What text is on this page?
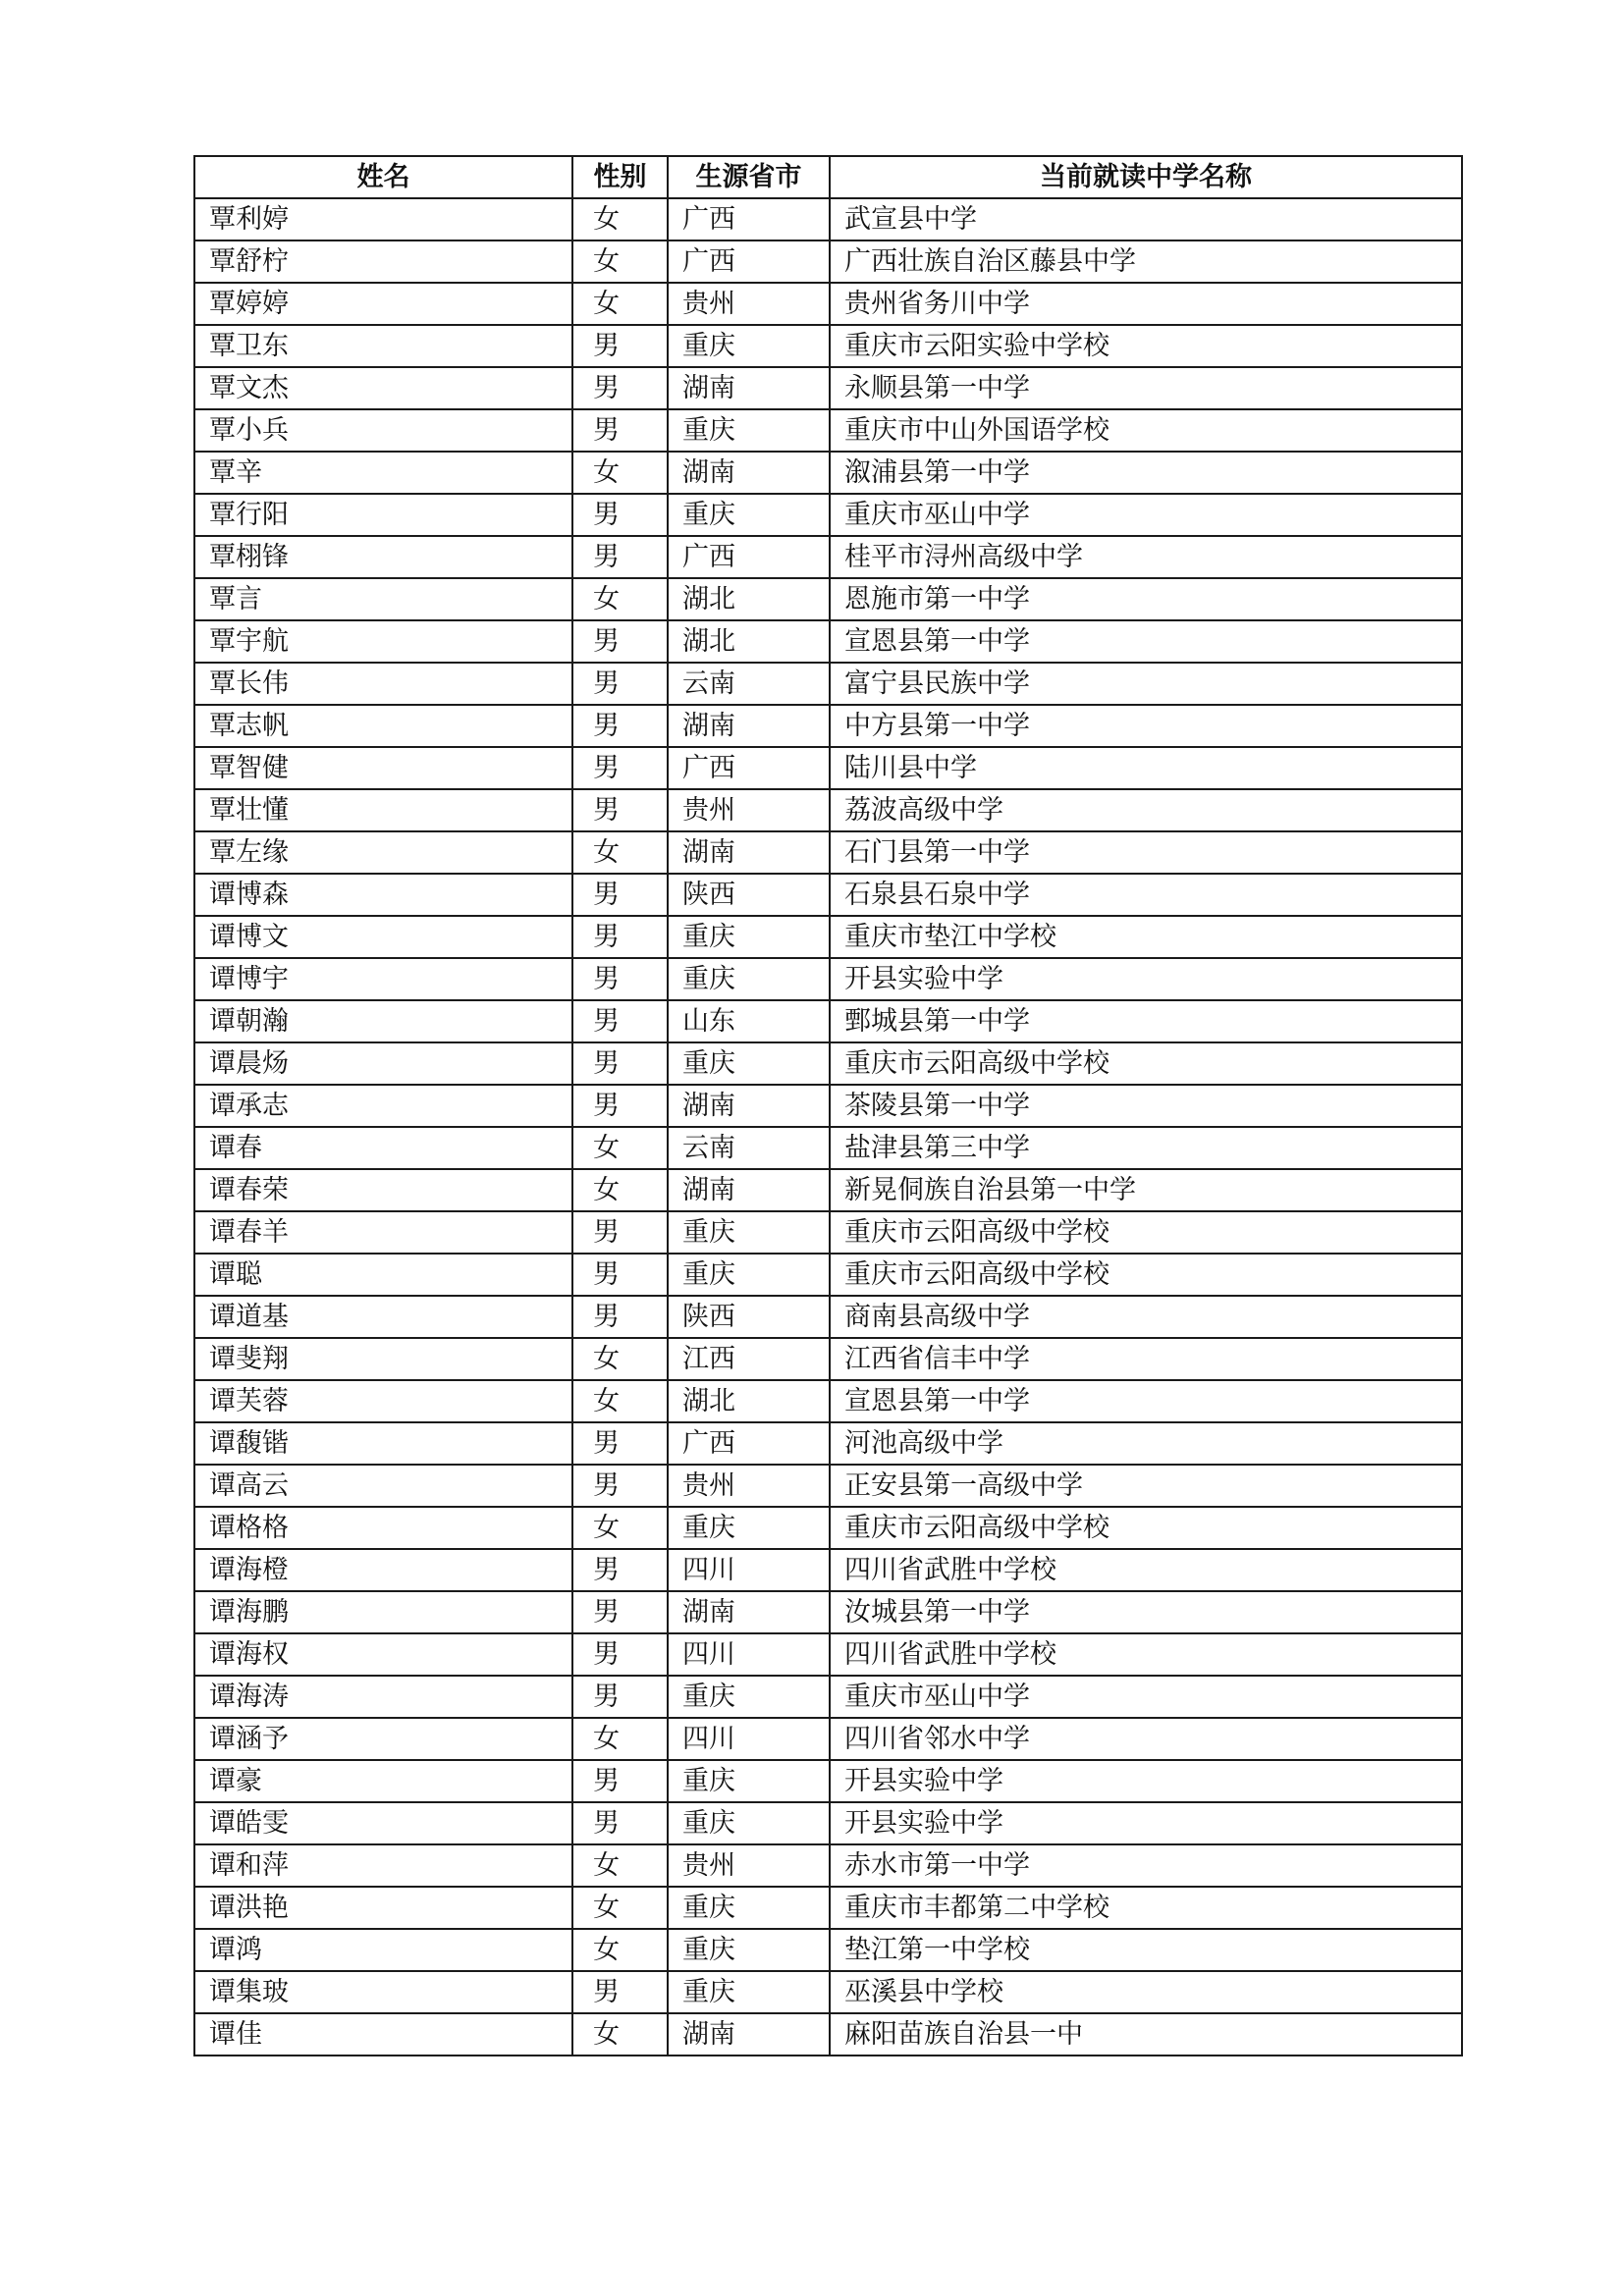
姓名	性别	生源省市	当前就读中学名称
覃利婷	女	广西	武宣县中学
覃舒柠	女	广西	广西壮族自治区藤县中学
覃婷婷	女	贵州	贵州省务川中学
覃卫东	男	重庆	重庆市云阳实验中学校
覃文杰	男	湖南	永顺县第一中学
覃小兵	男	重庆	重庆市中山外国语学校
覃辛	女	湖南	溆浦县第一中学
覃行阳	男	重庆	重庆市巫山中学
覃栩锋	男	广西	桂平市浔州高级中学
覃言	女	湖北	恩施市第一中学
覃宇航	男	湖北	宣恩县第一中学
覃长伟	男	云南	富宁县民族中学
覃志帆	男	湖南	中方县第一中学
覃智健	男	广西	陆川县中学
覃壮懂	男	贵州	荔波高级中学
覃左缘	女	湖南	石门县第一中学
谭博森	男	陕西	石泉县石泉中学
谭博文	男	重庆	重庆市垫江中学校
谭博宇	男	重庆	开县实验中学
谭朝瀚	男	山东	鄄城县第一中学
谭晨炀	男	重庆	重庆市云阳高级中学校
谭承志	男	湖南	茶陵县第一中学
谭春	女	云南	盐津县第三中学
谭春荣	女	湖南	新晃侗族自治县第一中学
谭春羊	男	重庆	重庆市云阳高级中学校
谭聪	男	重庆	重庆市云阳高级中学校
谭道基	男	陕西	商南县高级中学
谭斐翔	女	江西	江西省信丰中学
谭芙蓉	女	湖北	宣恩县第一中学
谭馥锴	男	广西	河池高级中学
谭高云	男	贵州	正安县第一高级中学
谭格格	女	重庆	重庆市云阳高级中学校
谭海橙	男	四川	四川省武胜中学校
谭海鹏	男	湖南	汝城县第一中学
谭海权	男	四川	四川省武胜中学校
谭海涛	男	重庆	重庆市巫山中学
谭涵予	女	四川	四川省邻水中学
谭豪	男	重庆	开县实验中学
谭皓雯	男	重庆	开县实验中学
谭和萍	女	贵州	赤水市第一中学
谭洪艳	女	重庆	重庆市丰都第二中学校
谭鸿	女	重庆	垫江第一中学校
谭集玻	男	重庆	巫溪县中学校
谭佳	女	湖南	麻阳苗族自治县一中
